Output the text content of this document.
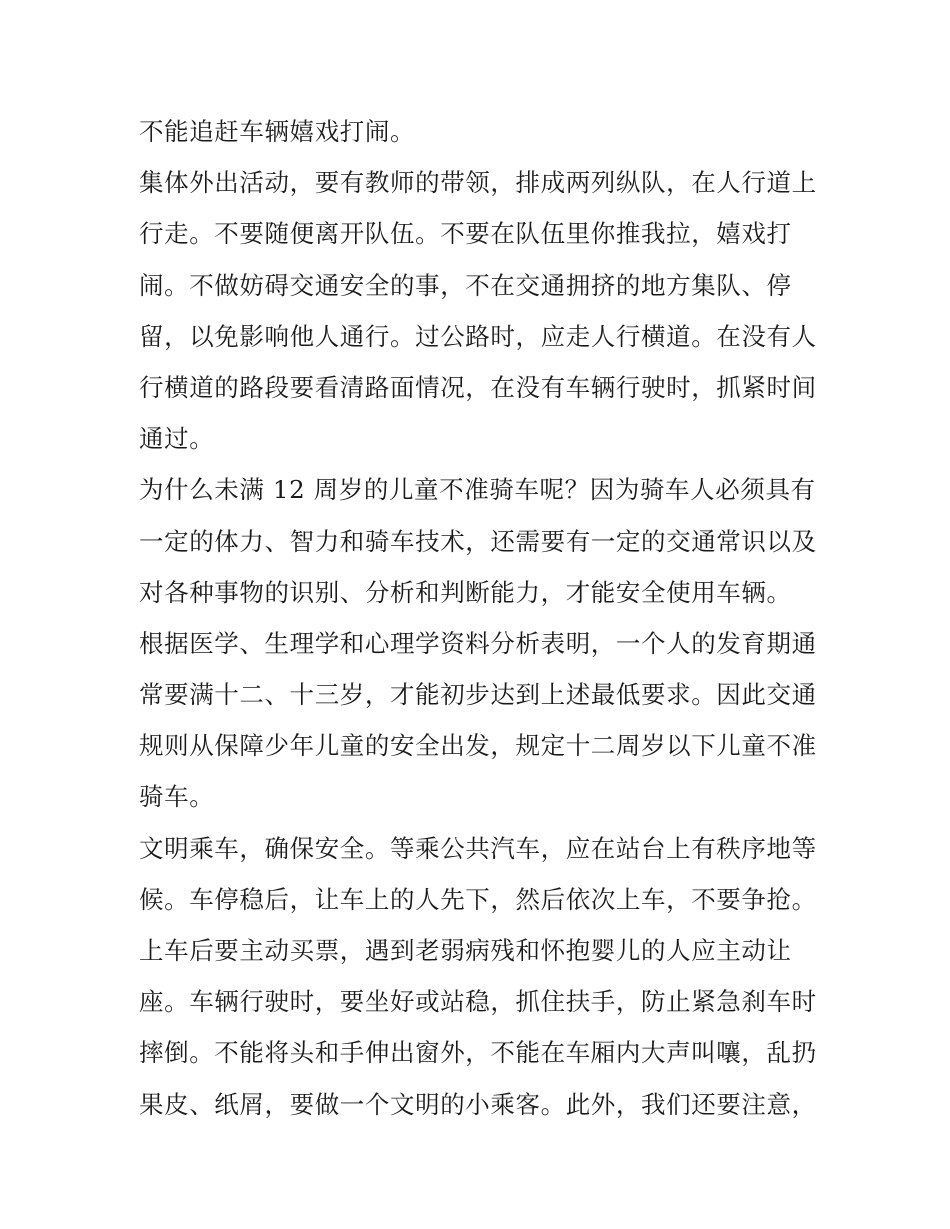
不能追赶车辆嬉戏打闹。
集体外出活动，要有教师的带领，排成两列纵队，在人行道上
行走。不要随便离开队伍。不要在队伍里你推我拉，嬉戏打
闹。不做妨碍交通安全的事，不在交通拥挤的地方集队、停
留，以免影响他人通行。过公路时，应走人行横道。在没有人
行横道的路段要看清路面情况，在没有车辆行驶时，抓紧时间
通过。
为什么未满 12 周岁的儿童不准骑车呢？因为骑车人必须具有
一定的体力、智力和骑车技术，还需要有一定的交通常识以及
对各种事物的识别、分析和判断能力，才能安全使用车辆。
根据医学、生理学和心理学资料分析表明，一个人的发育期通
常要满十二、十三岁，才能初步达到上述最低要求。因此交通
规则从保障少年儿童的安全出发，规定十二周岁以下儿童不准
骑车。
文明乘车，确保安全。等乘公共汽车，应在站台上有秩序地等
候。车停稳后，让车上的人先下，然后依次上车，不要争抢。
上车后要主动买票，遇到老弱病残和怀抱婴儿的人应主动让
座。车辆行驶时，要坐好或站稳，抓住扶手，防止紧急刹车时
摔倒。不能将头和手伸出窗外，不能在车厢内大声叫嚷，乱扔
果皮、纸屑，要做一个文明的小乘客。此外，我们还要注意，
